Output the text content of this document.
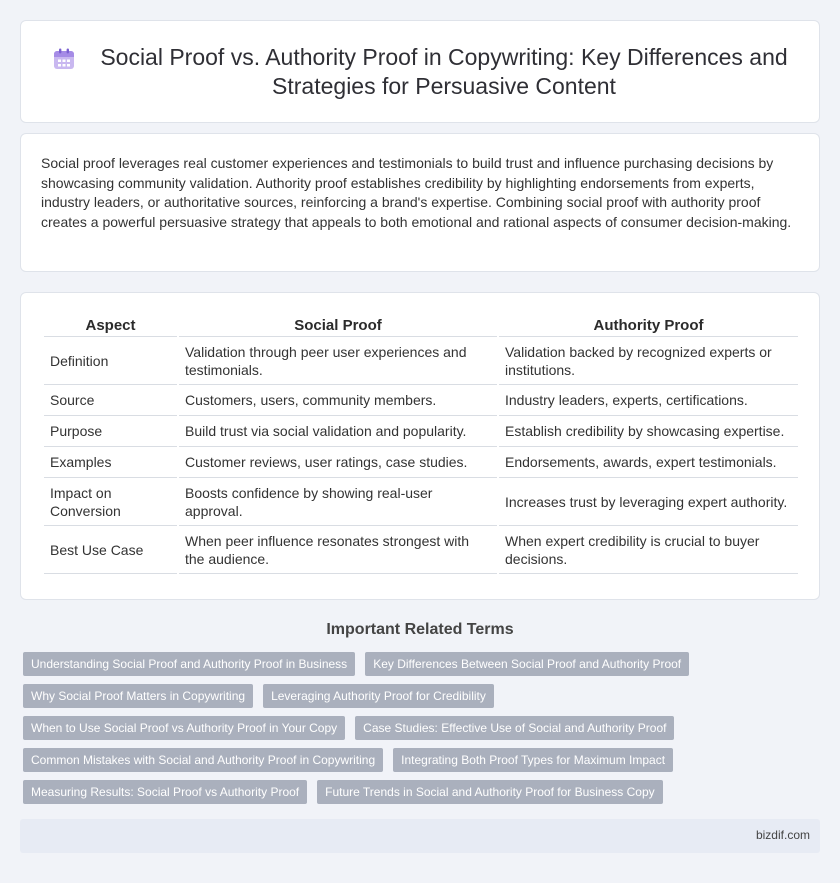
Social Proof vs. Authority Proof in Copywriting: Key Differences and Strategies for Persuasive Content

Social proof leverages real customer experiences and testimonials to build trust and influence purchasing decisions by showcasing community validation. Authority proof establishes credibility by highlighting endorsements from experts, industry leaders, or authoritative sources, reinforcing a brand's expertise. Combining social proof with authority proof creates a powerful persuasive strategy that appeals to both emotional and rational aspects of consumer decision-making.

Aspect	Social Proof	Authority Proof
Definition	Validation through peer user experiences and testimonials.	Validation backed by recognized experts or institutions.
Source	Customers, users, community members.	Industry leaders, experts, certifications.
Purpose	Build trust via social validation and popularity.	Establish credibility by showcasing expertise.
Examples	Customer reviews, user ratings, case studies.	Endorsements, awards, expert testimonials.
Impact on Conversion	Boosts confidence by showing real-user approval.	Increases trust by leveraging expert authority.
Best Use Case	When peer influence resonates strongest with the audience.	When expert credibility is crucial to buyer decisions.
Important Related Terms
Understanding Social Proof and Authority Proof in Business	Key Differences Between Social Proof and Authority Proof
Why Social Proof Matters in Copywriting	Leveraging Authority Proof for Credibility
When to Use Social Proof vs Authority Proof in Your Copy	Case Studies: Effective Use of Social and Authority Proof
Common Mistakes with Social and Authority Proof in Copywriting	Integrating Both Proof Types for Maximum Impact
Measuring Results: Social Proof vs Authority Proof	Future Trends in Social and Authority Proof for Business Copy
bizdif.com
